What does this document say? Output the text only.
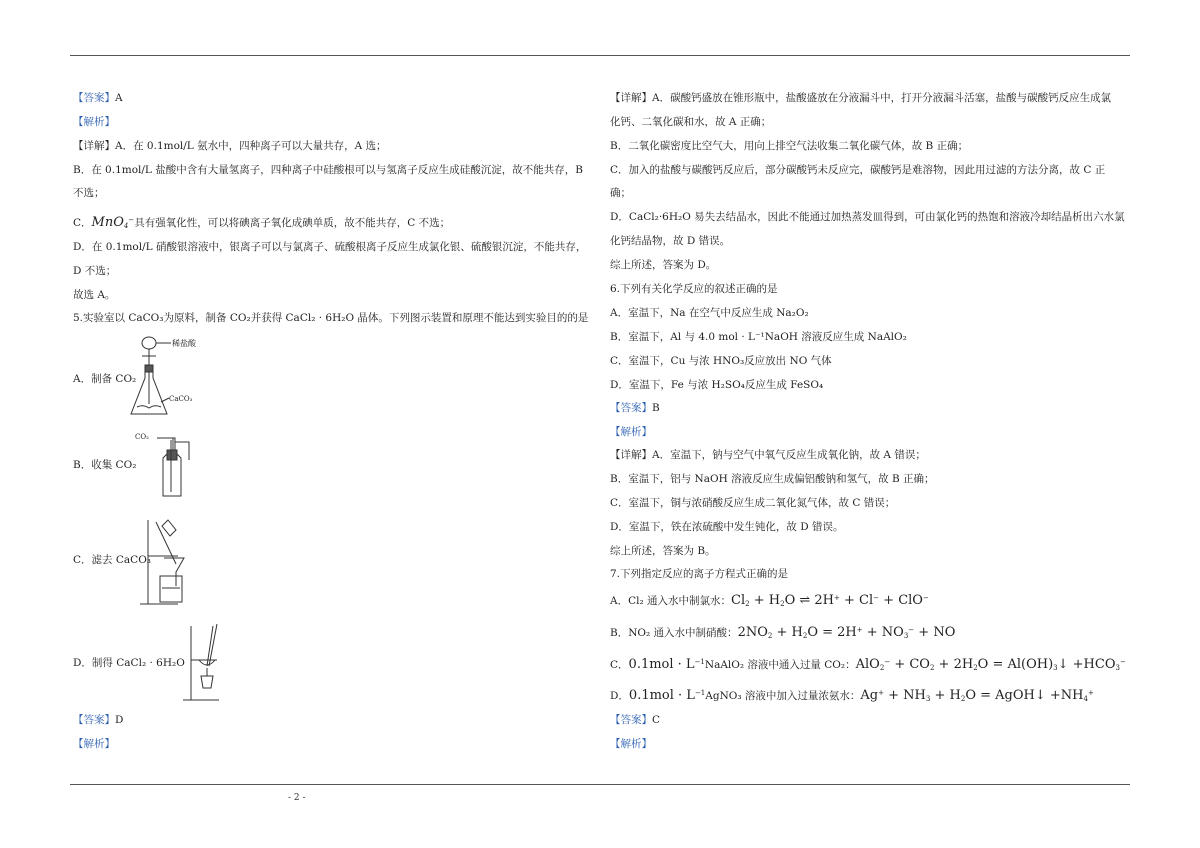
【答案】A
【解析】
【详解】A．在 0.1mol/L 氨水中，四种离子可以大量共存，A 选；
B．在 0.1mol/L 盐酸中含有大量氢离子，四种离子中硅酸根可以与氢离子反应生成硅酸沉淀，故不能共存，B
不选；
C．MnO$_4$−具有强氧化性，可以将碘离子氧化成碘单质，故不能共存，C 不选；
D．在 0.1mol/L 硝酸银溶液中，银离子可以与氯离子、硫酸根离子反应生成氯化银、硫酸银沉淀，不能共存，
D 不选；
故选 A。
5.实验室以 CaCO₃为原料，制备 CO₂并获得 CaCl₂ · 6H₂O 晶体。下列图示装置和原理不能达到实验目的的是
A．制备 CO₂
B．收集 CO₂
C．滤去 CaCO₃
D．制得 CaCl₂ · 6H₂O
【答案】D
【解析】
稀盐酸
CaCO₃
CO₂
【详解】A．碳酸钙盛放在锥形瓶中，盐酸盛放在分液漏斗中，打开分液漏斗活塞，盐酸与碳酸钙反应生成氯
化钙、二氧化碳和水，故 A 正确；
B．二氧化碳密度比空气大，用向上排空气法收集二氧化碳气体，故 B 正确；
C．加入的盐酸与碳酸钙反应后，部分碳酸钙未反应完，碳酸钙是难溶物，因此用过滤的方法分离，故 C 正
确；
D．CaCl₂·6H₂O 易失去结晶水，因此不能通过加热蒸发皿得到，可由氯化钙的热饱和溶液冷却结晶析出六水氯
化钙结晶物，故 D 错误。
综上所述，答案为 D。
6.下列有关化学反应的叙述正确的是
A．室温下，Na 在空气中反应生成 Na₂O₂
B．室温下，Al 与 4.0 mol · L⁻¹NaOH 溶液反应生成 NaAlO₂
C．室温下，Cu 与浓 HNO₃反应放出 NO 气体
D．室温下，Fe 与浓 H₂SO₄反应生成 FeSO₄
【答案】B
【解析】
【详解】A．室温下，钠与空气中氧气反应生成氧化钠，故 A 错误；
B．室温下，铝与 NaOH 溶液反应生成偏铝酸钠和氢气，故 B 正确；
C．室温下，铜与浓硝酸反应生成二氧化氮气体，故 C 错误；
D．室温下，铁在浓硫酸中发生钝化，故 D 错误。
综上所述，答案为 B。
7.下列指定反应的离子方程式正确的是
A．Cl₂ 通入水中制氯水：$Cl_2 + H_2O$ ⇌ 2H+ + Cl− + ClO−
B．NO₂ 通入水中制硝酸：$2NO_2 + H_2O = 2H^+ + NO_3^-$ + NO
C．$0.1mol \cdot L^{-1}NaAlO_2$ 溶液中通入过量 CO₂：$AlO_2^- + CO_2 + 2H_2O$ = $Al(OH)_3↓ +HCO_3^-$
D．$0.1mol \cdot L^{-1}AgNO_3$ 溶液中加入过量浓氨水：$Ag^+ + NH_3 + H_2O$ = AgOH↓ $+NH_4^+$
【答案】C
【解析】
- 2 -
